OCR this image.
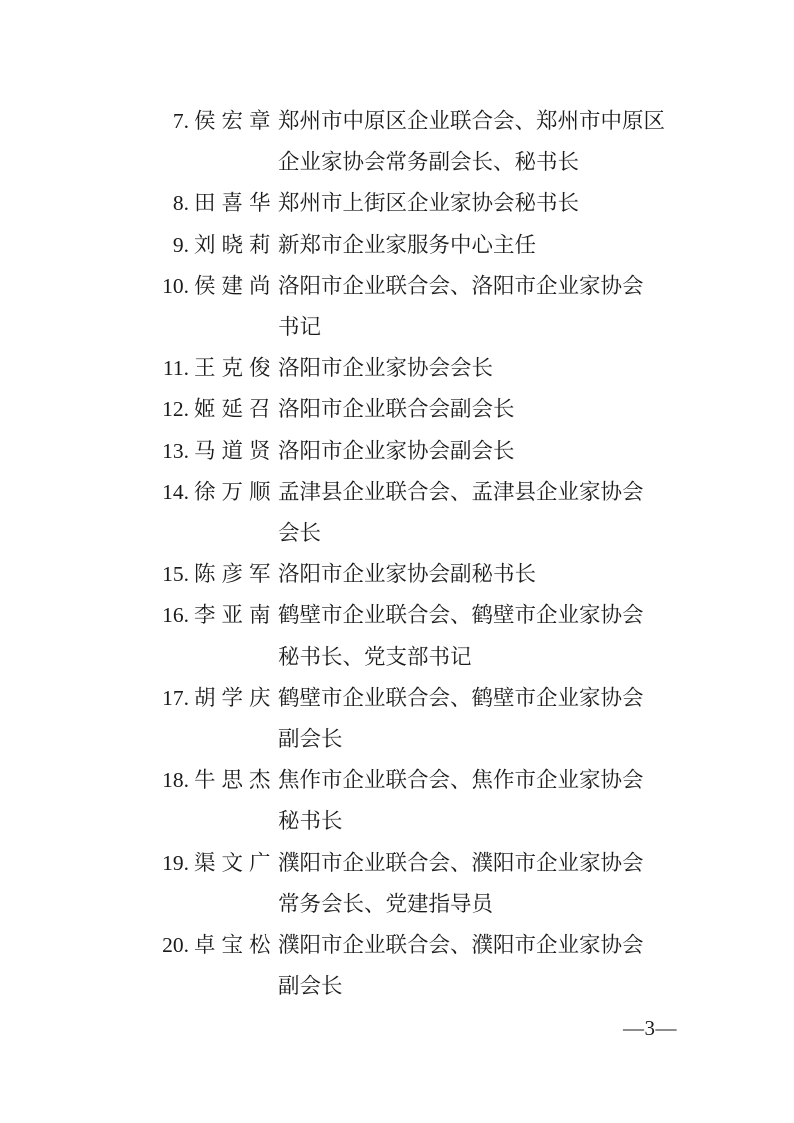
7. 侯宏章 郑州市中原区企业联合会、郑州市中原区
企业家协会常务副会长、秘书长
8. 田喜华 郑州市上街区企业家协会秘书长
9. 刘晓莉 新郑市企业家服务中心主任
10. 侯建尚 洛阳市企业联合会、洛阳市企业家协会
书记
11. 王克俊 洛阳市企业家协会会长
12. 姬延召 洛阳市企业联合会副会长
13. 马道贤 洛阳市企业家协会副会长
14. 徐万顺 孟津县企业联合会、孟津县企业家协会
会长
15. 陈彦军 洛阳市企业家协会副秘书长
16. 李亚南 鹤壁市企业联合会、鹤壁市企业家协会
秘书长、党支部书记
17. 胡学庆 鹤壁市企业联合会、鹤壁市企业家协会
副会长
18. 牛思杰 焦作市企业联合会、焦作市企业家协会
秘书长
19. 渠文广 濮阳市企业联合会、濮阳市企业家协会
常务会长、党建指导员
20. 卓宝松 濮阳市企业联合会、濮阳市企业家协会
副会长
—3—
